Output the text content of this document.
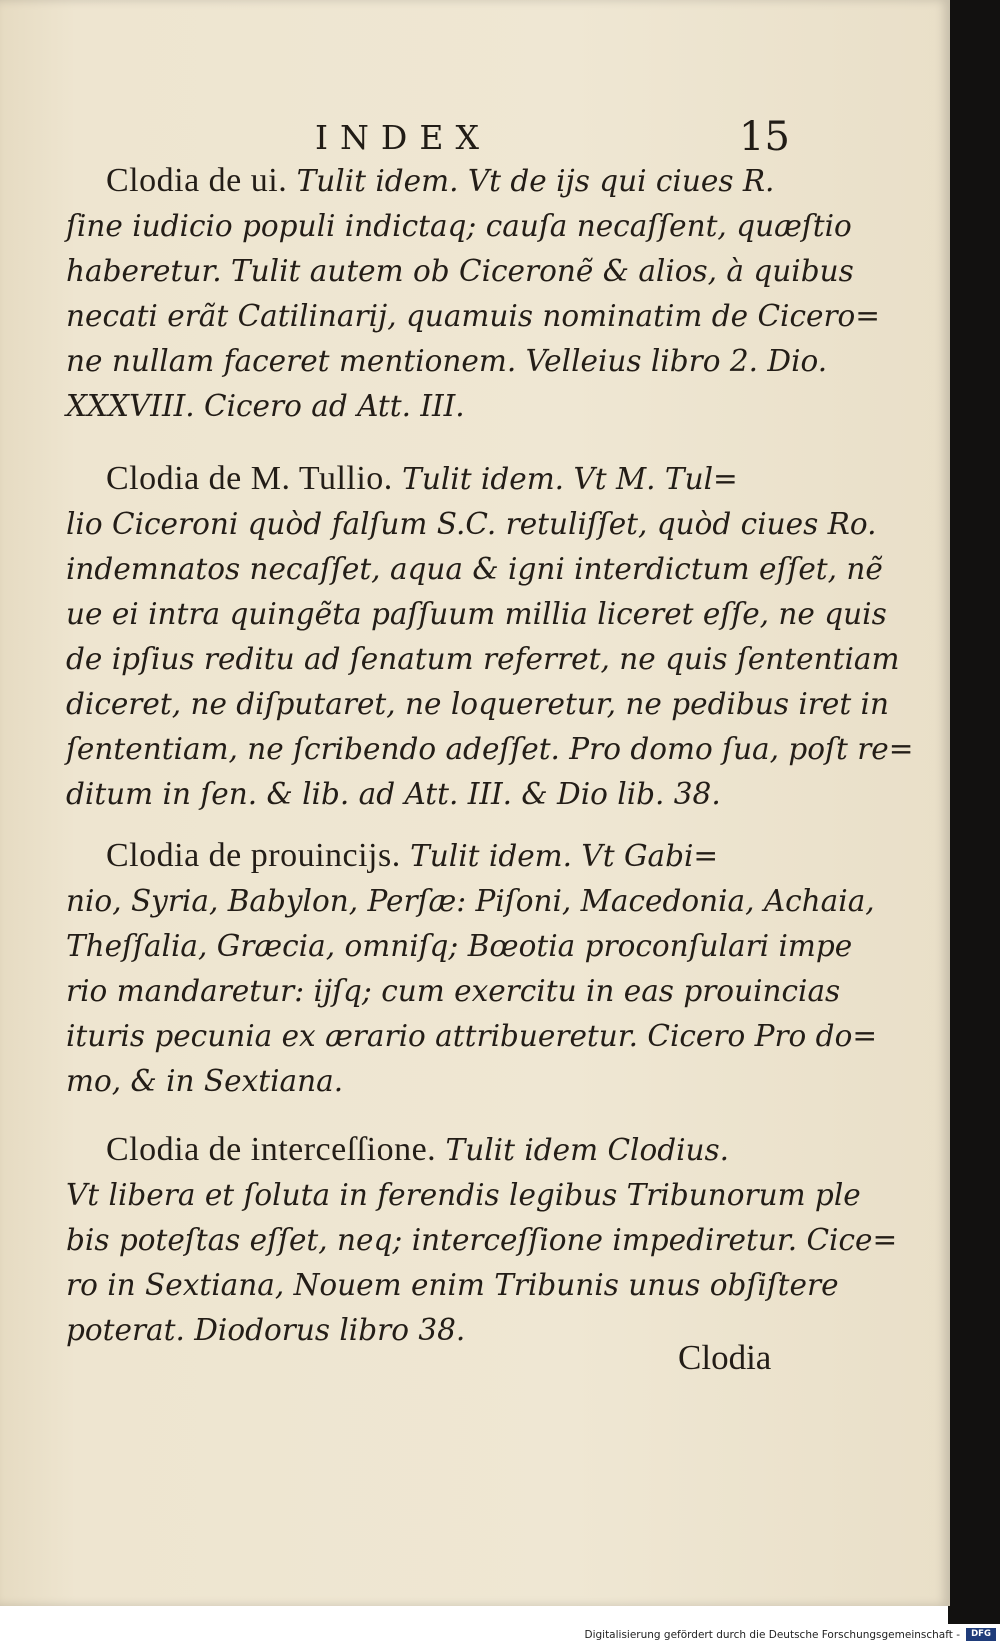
INDEX	15
Clodia de ui. Tulit idem. Vt de ijs qui ciues R.
ſine iudicio populi indictaq; cauſa necaſſent, quæſtio
haberetur. Tulit autem ob Ciceronẽ & alios, à quibus
necati erãt Catilinarij, quamuis nominatim de Cicero=
ne nullam faceret mentionem. Velleius libro 2. Dio.
XXXVIII. Cicero ad Att. III.
Clodia de M. Tullio. Tulit idem. Vt M. Tul=
lio Ciceroni quòd falſum S.C. retuliſſet, quòd ciues Ro.
indemnatos necaſſet, aqua & igni interdictum eſſet, nẽ
ue ei intra quingẽta paſſuum millia liceret eſſe, ne quis
de ipſius reditu ad ſenatum referret, ne quis ſententiam
diceret, ne diſputaret, ne loqueretur, ne pedibus iret in
ſententiam, ne ſcribendo adeſſet. Pro domo ſua, poſt re=
ditum in ſen. & lib. ad Att. III. & Dio lib. 38.
Clodia de prouincijs. Tulit idem. Vt Gabi=
nio, Syria, Babylon, Perſæ: Piſoni, Macedonia, Achaia,
Theſſalia, Græcia, omniſq; Bœotia proconſulari impe
rio mandaretur: ijſq; cum exercitu in eas prouincias
ituris pecunia ex ærario attribueretur. Cicero Pro do=
mo, & in Sextiana.
Clodia de interceſſione. Tulit idem Clodius.
Vt libera et ſoluta in ferendis legibus Tribunorum ple
bis poteſtas eſſet, neq; interceſſione impediretur. Cice=
ro in Sextiana, Nouem enim Tribunis unus obſiſtere
poterat. Diodorus libro 38.
Clodia
Digitalisierung gefördert durch die Deutsche Forschungsgemeinschaft -	DFG
